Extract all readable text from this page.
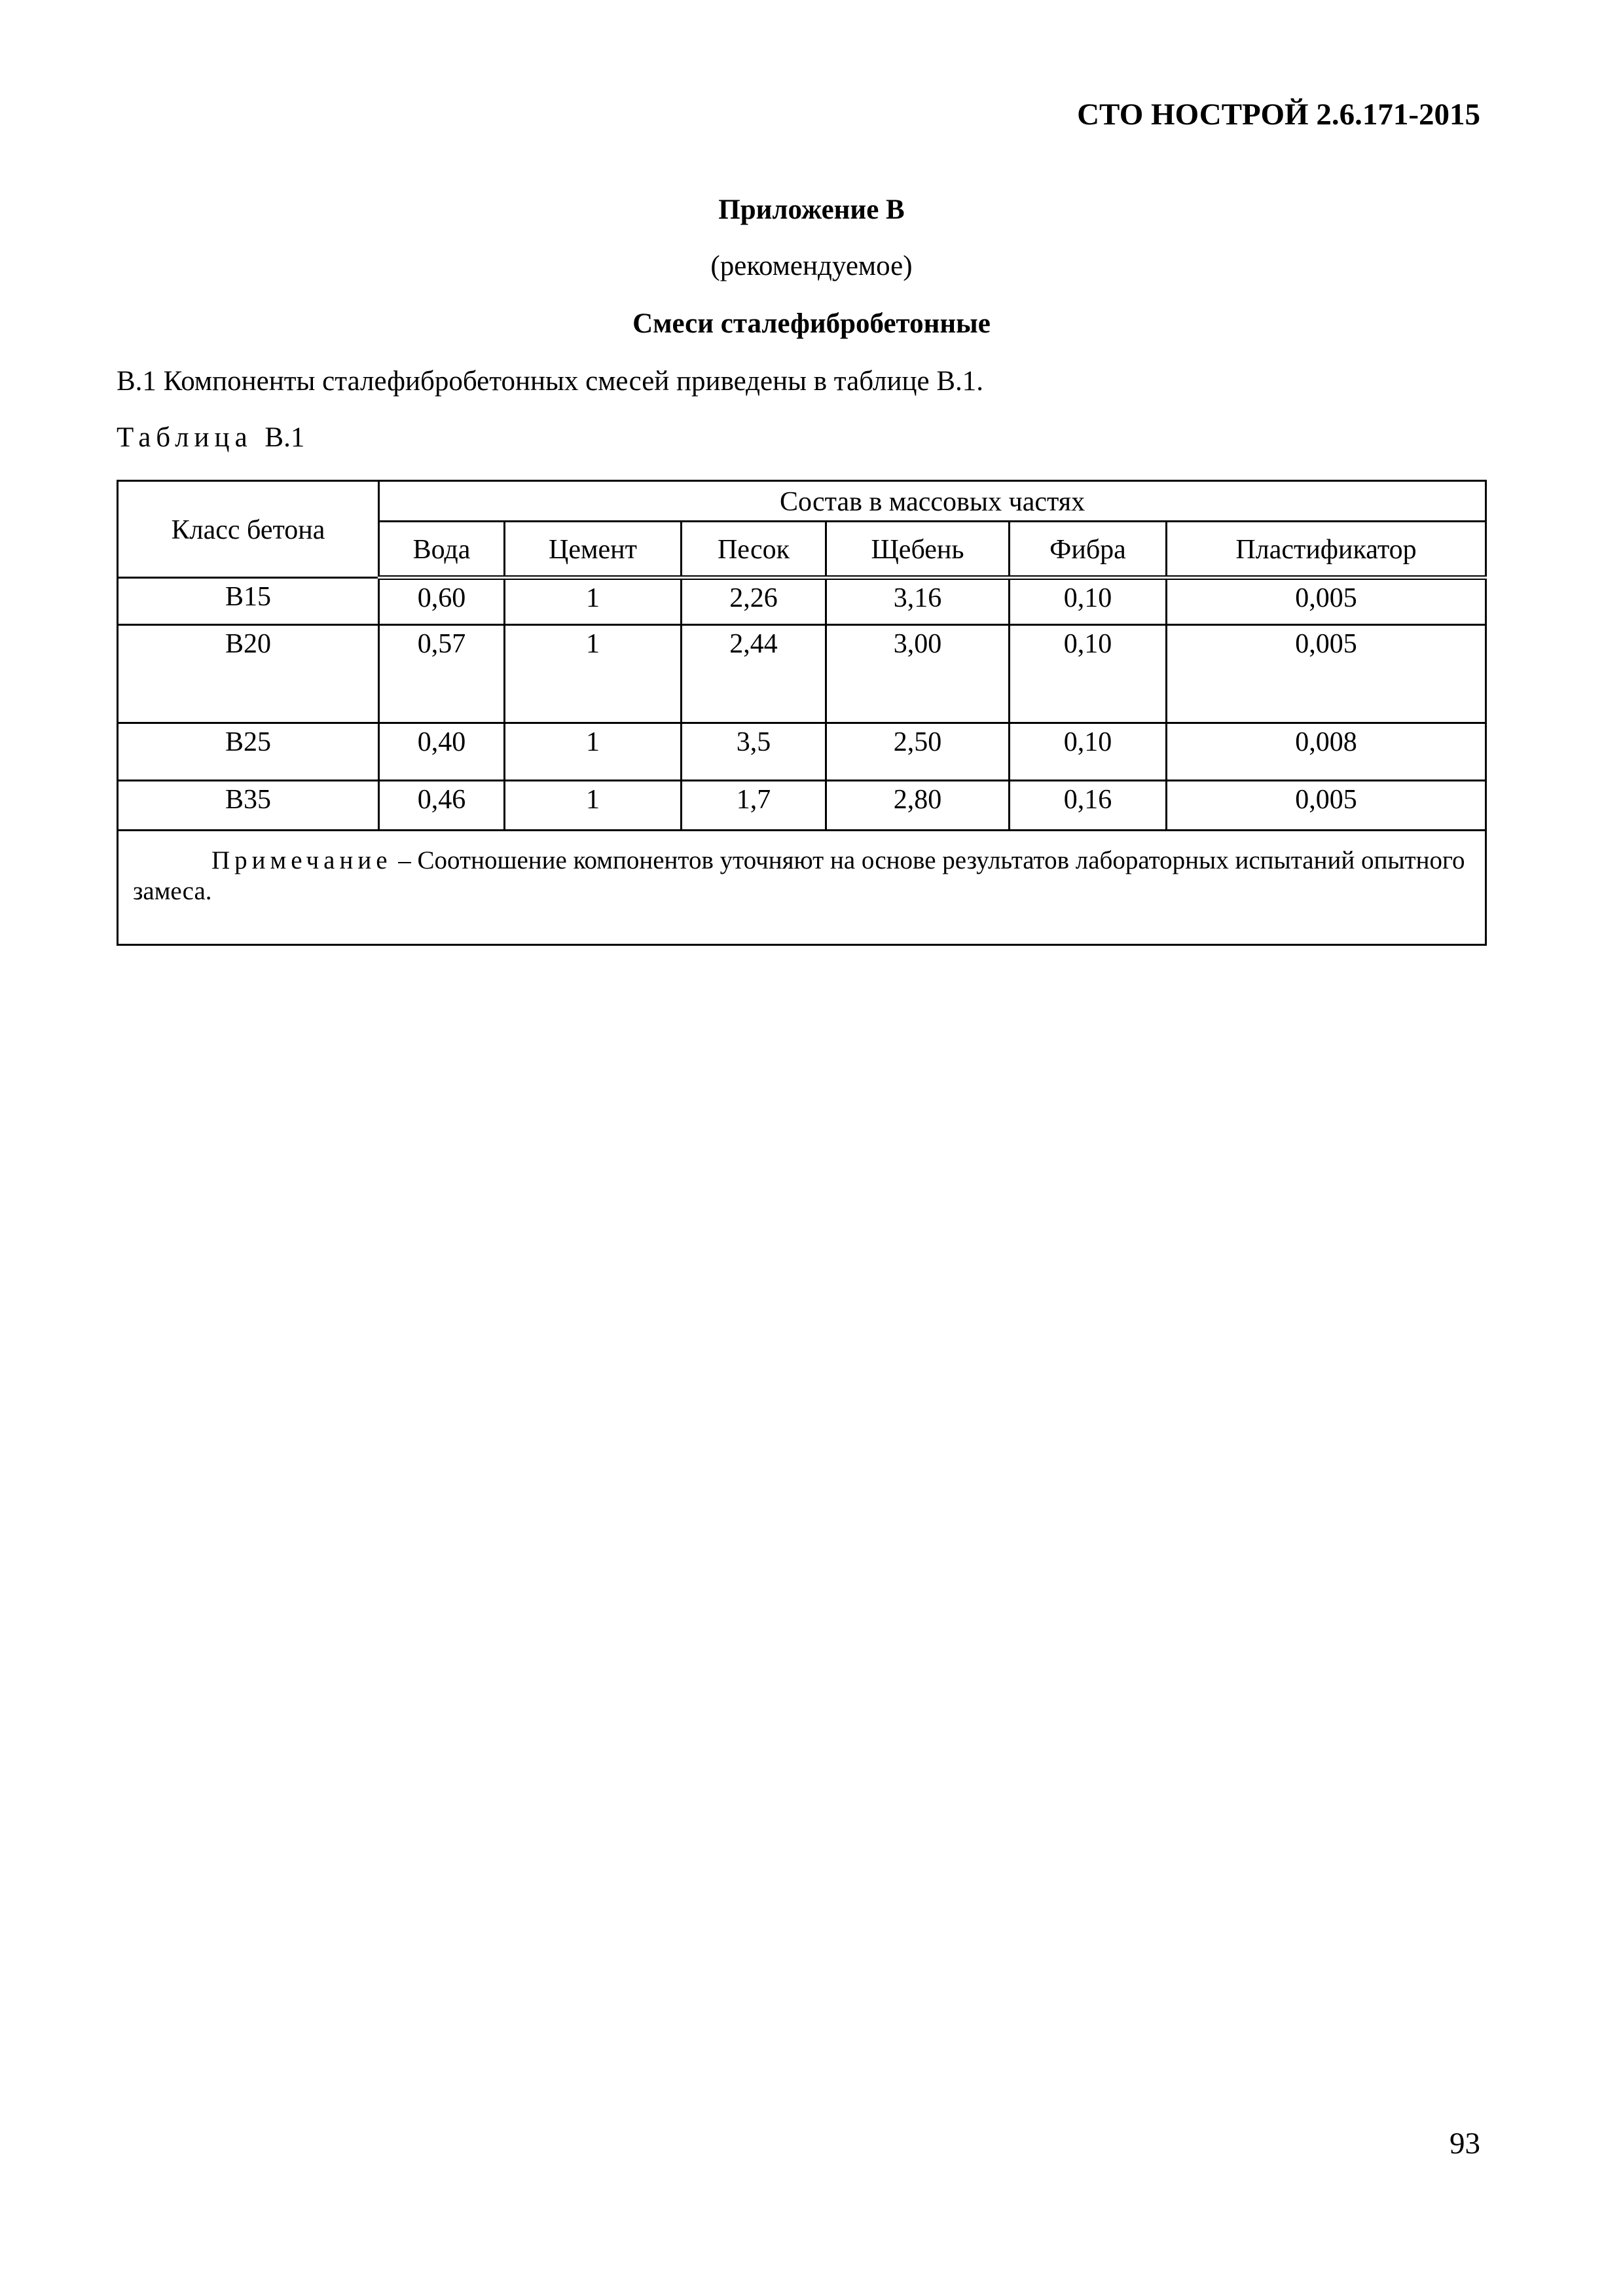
СТО НОСТРОЙ 2.6.171-2015
Приложение В
(рекомендуемое)
Смеси сталефибробетонные
В.1 Компоненты сталефибробетонных смесей приведены в таблице В.1.
Таблица В.1
Класс бетона	Состав в массовых частях					
	Вода	Цемент	Песок	Щебень	Фибра	Пластификатор
В15	0,60	1	2,26	3,16	0,10	0,005
В20	0,57	1	2,44	3,00	0,10	0,005
В25	0,40	1	3,5	2,50	0,10	0,008
В35	0,46	1	1,7	2,80	0,16	0,005
Примечание – Соотношение компонентов уточняют на основе результатов лабораторных испытаний опытного замеса.						
93
